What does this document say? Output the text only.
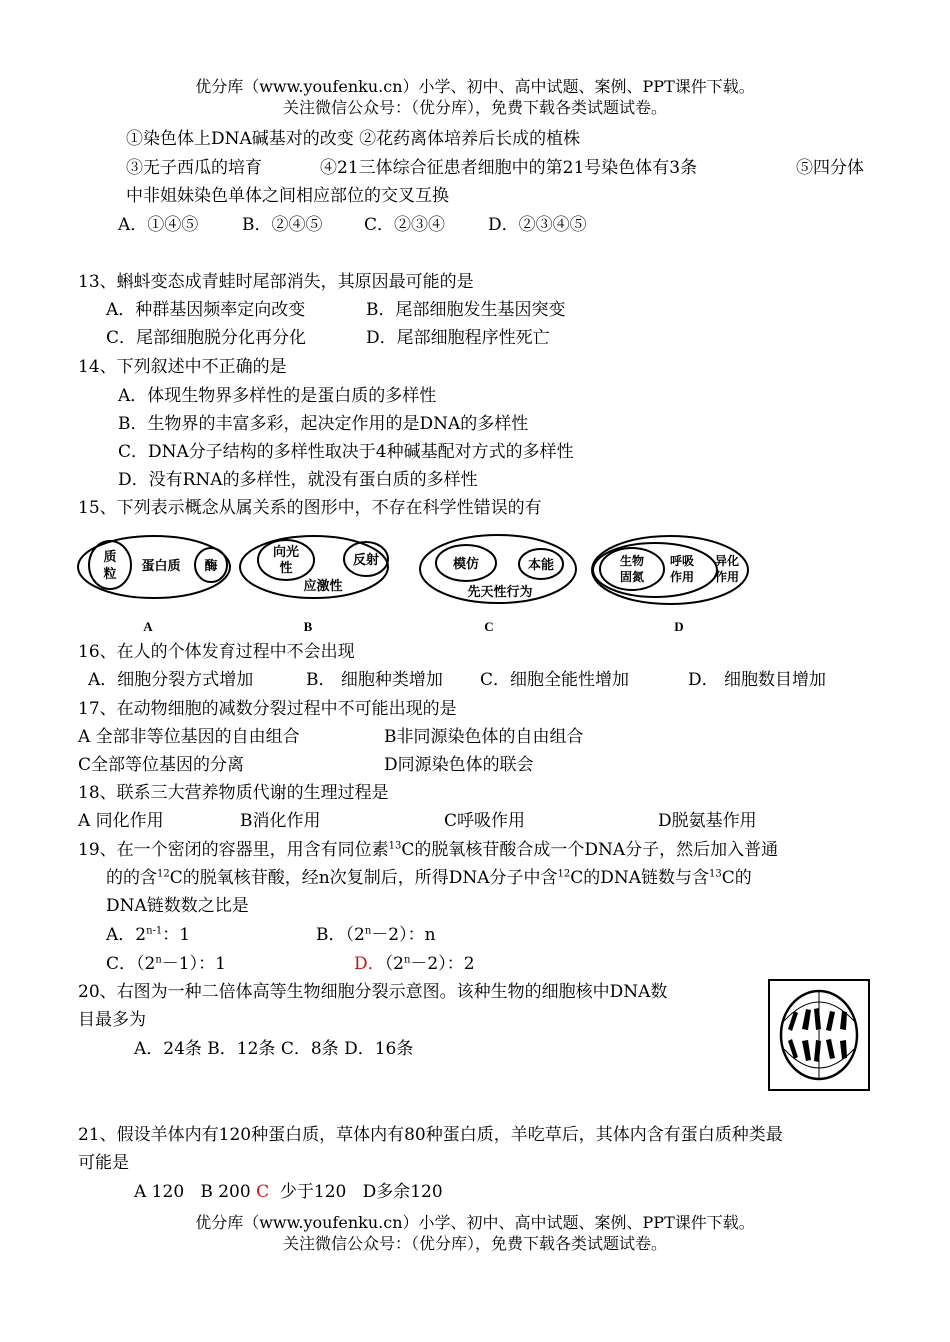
优分库（www.youfenku.cn）小学、初中、高中试题、案例、PPT课件下载。
关注微信公众号：（优分库），免费下载各类试题试卷。
①染色体上DNA碱基对的改变 ②花药离体培养后长成的植株
③无子西瓜的培育	④21三体综合征患者细胞中的第21号染色体有3条	⑤四分体
中非姐妹染色单体之间相应部位的交叉互换
A．①④⑤	B．②④⑤ C．②③④	D．②③④⑤
13、蝌蚪变态成青蛙时尾部消失，其原因最可能的是
A．种群基因频率定向改变	B．尾部细胞发生基因突变
C．尾部细胞脱分化再分化	D．尾部细胞程序性死亡
14、下列叙述中不正确的是
A．体现生物界多样性的是蛋白质的多样性
B．生物界的丰富多彩，起决定作用的是DNA的多样性
C．DNA分子结构的多样性取决于4种碱基配对方式的多样性
D．没有RNA的多样性，就没有蛋白质的多样性
15、下列表示概念从属关系的图形中，不存在科学性错误的有
质
粒
蛋白质 酶
向光
性
反射
应激性
模仿	本能
先天性行为
生物
固氮
呼吸
作用
异化
作用
A	B	C	D
16、在人的个体发育过程中不会出现
A．细胞分裂方式增加	B． 细胞种类增加 C．细胞全能性增加	D． 细胞数目增加
17、在动物细胞的减数分裂过程中不可能出现的是
A 全部非等位基因的自由组合	B非同源染色体的自由组合
C全部等位基因的分离	D同源染色体的联会
18、联系三大营养物质代谢的生理过程是
A 同化作用	B消化作用	C呼吸作用	D脱氨基作用
19、在一个密闭的容器里，用含有同位素$^{13}$C的脱氧核苷酸合成一个DNA分子，然后加入普通
的的含$^{12}$C的脱氧核苷酸，经n次复制后，所得DNA分子中含$^{12}$C的DNA链数与含$^{13}$C的
DNA链数数之比是
A．2$^{n-1}$：1	B．$(2^n-2)$：n
C．$(2^n-1)$：1	D．$(2^n-2)$：2
20、右图为一种二倍体高等生物细胞分裂示意图。该种生物的细胞核中DNA数
目最多为
A．24条 B．12条 C．8条 D．16条
21、假设羊体内有120种蛋白质，草体内有80种蛋白质，羊吃草后，其体内含有蛋白质种类最
可能是
A 120   B 200 C  少于120   D多余120
优分库（www.youfenku.cn）小学、初中、高中试题、案例、PPT课件下载。
关注微信公众号：（优分库），免费下载各类试题试卷。
